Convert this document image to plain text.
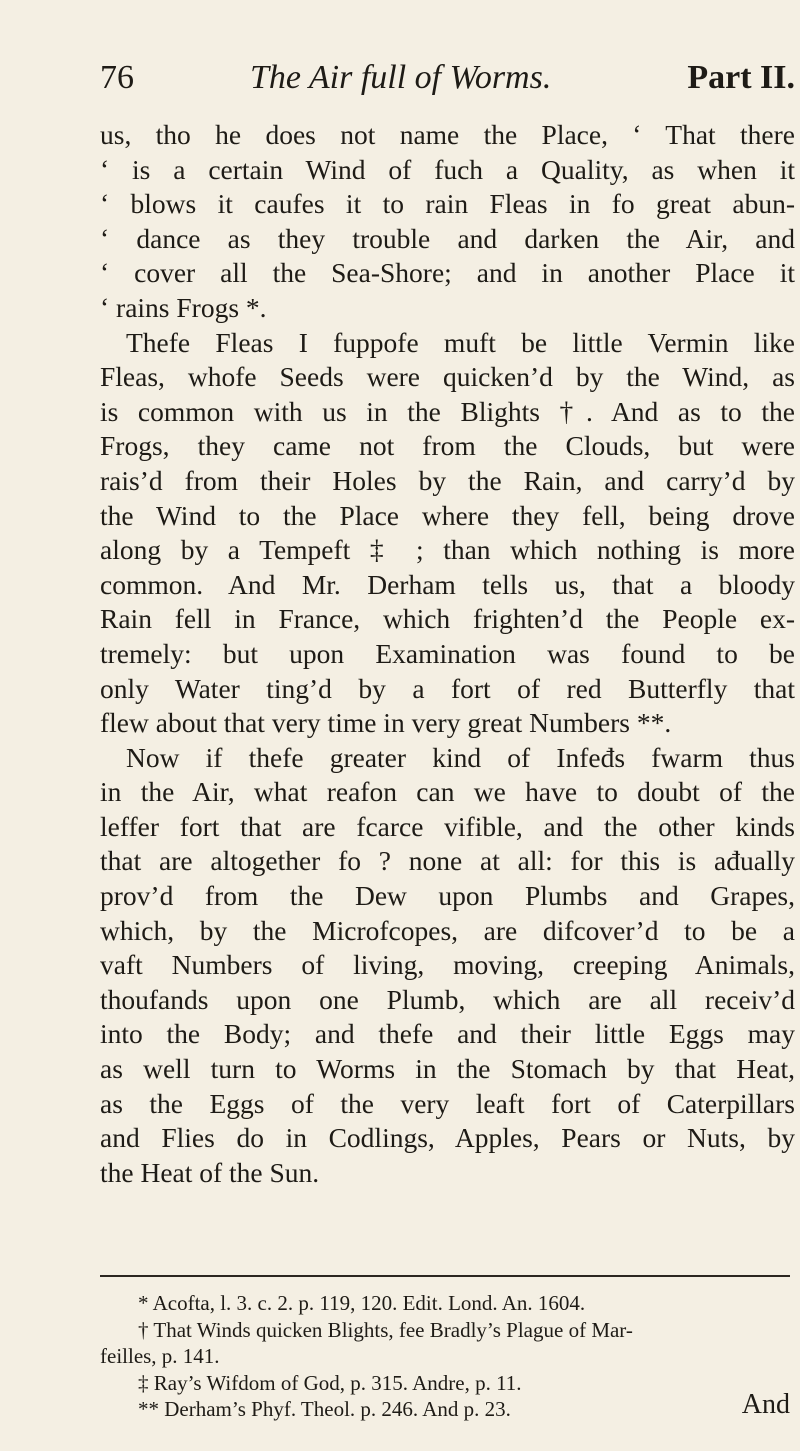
76	The Air full of Worms.	Part II.
us, tho he does not name the Place, ‘ That there
‘ is a certain Wind of fuch a Quality, as when it
‘ blows it caufes it to rain Fleas in fo great abun-
‘ dance as they trouble and darken the Air, and
‘ cover all the Sea-Shore; and in another Place it
‘ rains Frogs *.
Thefe Fleas I fuppofe muft be little Vermin like
Fleas, whofe Seeds were quicken’d by the Wind, as
is common with us in the Blights †. And as to the
Frogs, they came not from the Clouds, but were
rais’d from their Holes by the Rain, and carry’d by
the Wind to the Place where they fell, being drove
along by a Tempeft ‡ ; than which nothing is more
common. And Mr. Derham tells us, that a bloody
Rain fell in France, which frighten’d the People ex-
tremely: but upon Examination was found to be
only Water ting’d by a fort of red Butterfly that
flew about that very time in very great Numbers **.
Now if thefe greater kind of Infeđs fwarm thus
in the Air, what reafon can we have to doubt of the
leffer fort that are fcarce vifible, and the other kinds
that are altogether fo ? none at all: for this is ađually
prov’d from the Dew upon Plumbs and Grapes,
which, by the Microfcopes, are difcover’d to be a
vaft Numbers of living, moving, creeping Animals,
thoufands upon one Plumb, which are all receiv’d
into the Body; and thefe and their little Eggs may
as well turn to Worms in the Stomach by that Heat,
as the Eggs of the very leaft fort of Caterpillars
and Flies do in Codlings, Apples, Pears or Nuts, by
the Heat of the Sun.
* Acofta, l. 3. c. 2. p. 119, 120. Edit. Lond. An. 1604.
† That Winds quicken Blights, fee Bradly’s Plague of Mar-
feilles, p. 141.
‡ Ray’s Wifdom of God, p. 315. Andre, p. 11.
** Derham’s Phyf. Theol. p. 246. And p. 23.	And
